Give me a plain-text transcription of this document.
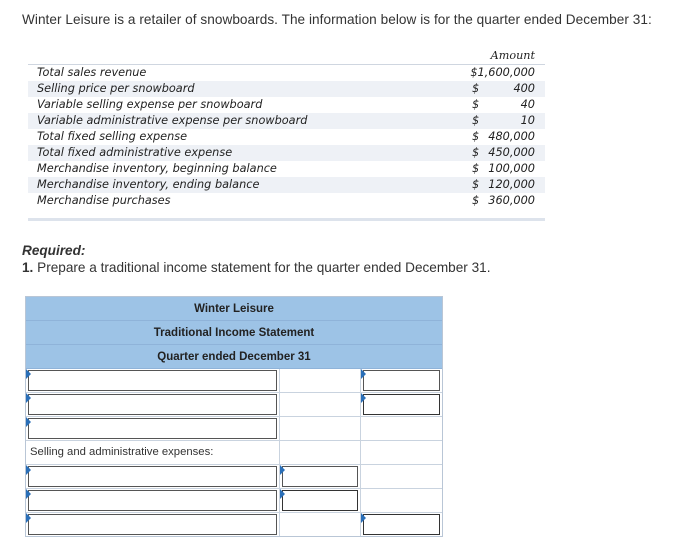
Winter Leisure is a retailer of snowboards. The information below is for the quarter ended December 31:
Amount
Total sales revenue	$1,600,000
Selling price per snowboard	$	400
Variable selling expense per snowboard	$	40
Variable administrative expense per snowboard	$	10
Total fixed selling expense	$ 480,000
Total fixed administrative expense	$ 450,000
Merchandise inventory, beginning balance	$ 100,000
Merchandise inventory, ending balance	$ 120,000
Merchandise purchases	$ 360,000
Required:
1. Prepare a traditional income statement for the quarter ended December 31.
Winter Leisure
Traditional Income Statement
Quarter ended December 31
Selling and administrative expenses:
